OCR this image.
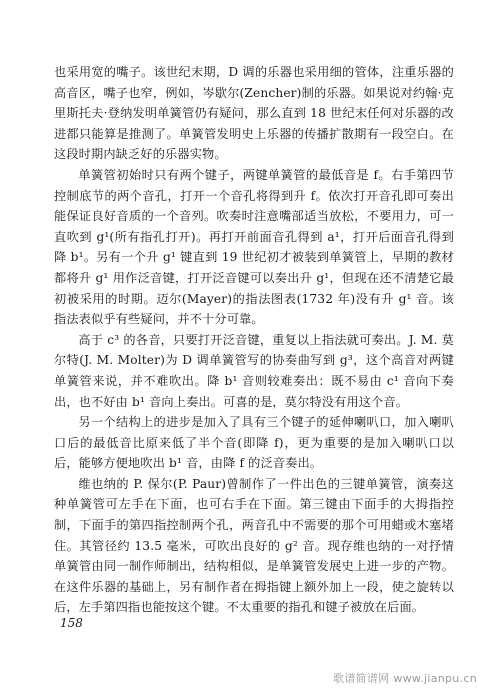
也采用宽的嘴子。该世纪末期，D 调的乐器也采用细的管体，注重乐器的高音区，嘴子也窄，例如，岑歇尔(Zencher)制的乐器。如果说对约翰·克里斯托夫·登纳发明单簧管仍有疑问，那么直到 18 世纪末任何对乐器的改进都只能算是推测了。单簧管发明史上乐器的传播扩散期有一段空白。在这段时期内缺乏好的乐器实物。

单簧管初始时只有两个键子，两键单簧管的最低音是 f。右手第四节控制底节的两个音孔，打开一个音孔将得到升 f。依次打开音孔即可奏出能保证良好音质的一个音列。吹奏时注意嘴部适当放松，不要用力，可一直吹到 g¹(所有指孔打开)。再打开前面音孔得到 a¹，打开后面音孔得到降 b¹。另有一个升 g¹ 键直到 19 世纪初才被装到单簧管上，早期的教材都将升 g¹ 用作泛音键，打开泛音键可以奏出升 g¹，但现在还不清楚它最初被采用的时期。迈尔(Mayer)的指法图表(1732 年)没有升 g¹ 音。该指法表似乎有些疑问，并不十分可靠。

高于 c³ 的各音，只要打开泛音键，重复以上指法就可奏出。J. M. 莫尔特(J. M. Molter)为 D 调单簧管写的协奏曲写到 g³，这个高音对两键单簧管来说，并不难吹出。降 b¹ 音则较难奏出：既不易由 c¹ 音向下奏出，也不好由 b¹ 音向上奏出。可喜的是，莫尔特没有用这个音。

另一个结构上的进步是加入了具有三个键子的延伸喇叭口，加入喇叭口后的最低音比原来低了半个音(即降 f)，更为重要的是加入喇叭口以后，能够方便地吹出 b¹ 音，由降 f 的泛音奏出。

维也纳的 P. 保尔(P. Paur)曾制作了一件出色的三键单簧管，演奏这种单簧管可左手在下面，也可右手在下面。第三键由下面手的大拇指控制，下面手的第四指控制两个孔，两音孔中不需要的那个可用蜡或木塞堵住。其管径约 13.5 毫米，可吹出良好的 g² 音。现存维也纳的一对抒情单簧管由同一制作师制出，结构相似，是单簧管发展史上进一步的产物。在这件乐器的基础上，另有制作者在拇指键上额外加上一段，使之旋转以后，左手第四指也能按这个键。不太重要的指孔和键子被放在后面。

158
歌谱简谱网 www.jianpu.cn
